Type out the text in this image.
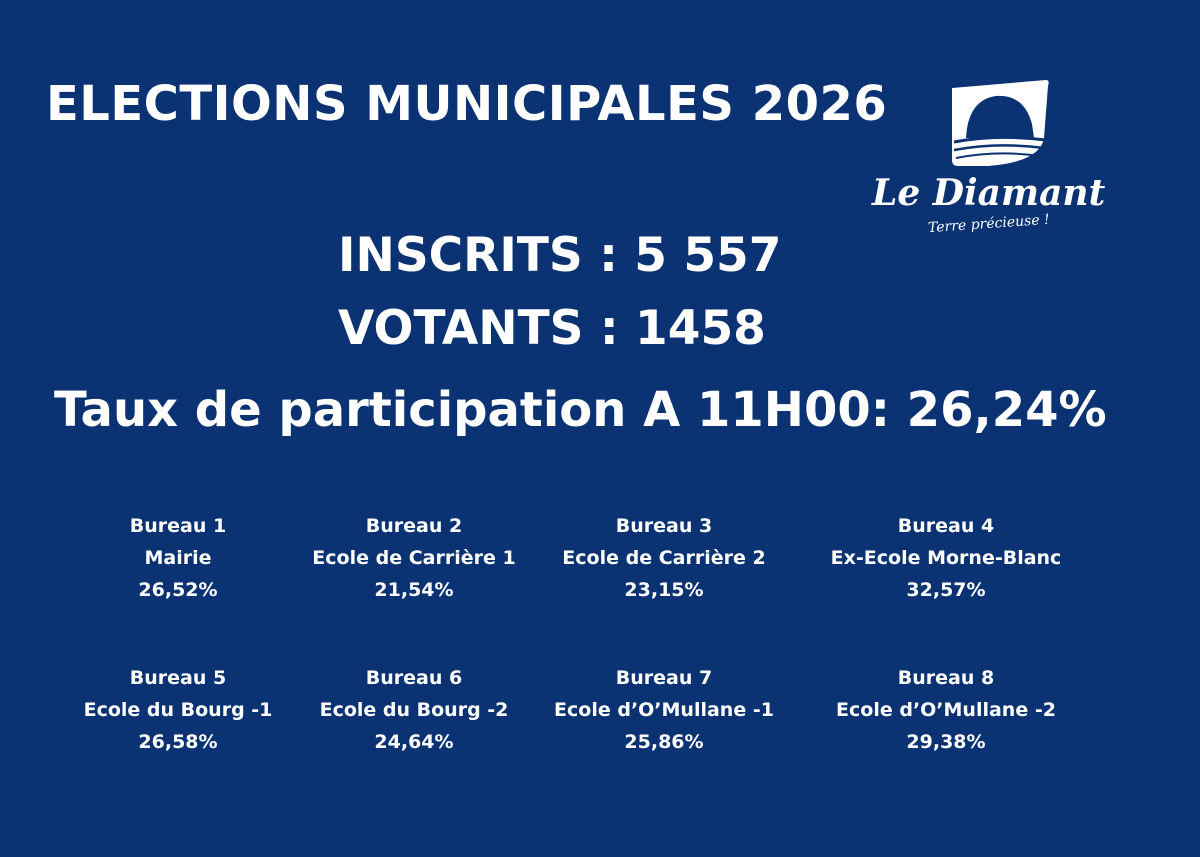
ELECTIONS MUNICIPALES 2026
Le Diamant
Terre précieuse !
INSCRITS : 5 557
VOTANTS : 1458
Taux de participation A 11H00: 26,24%
Bureau 1
Mairie
26,52%
Bureau 2
Ecole de Carrière 1
21,54%
Bureau 3
Ecole de Carrière 2
23,15%
Bureau 4
Ex-Ecole Morne-Blanc
32,57%
Bureau 5
Ecole du Bourg -1
26,58%
Bureau 6
Ecole du Bourg -2
24,64%
Bureau 7
Ecole d’O’Mullane -1
25,86%
Bureau 8
Ecole d’O’Mullane -2
29,38%
